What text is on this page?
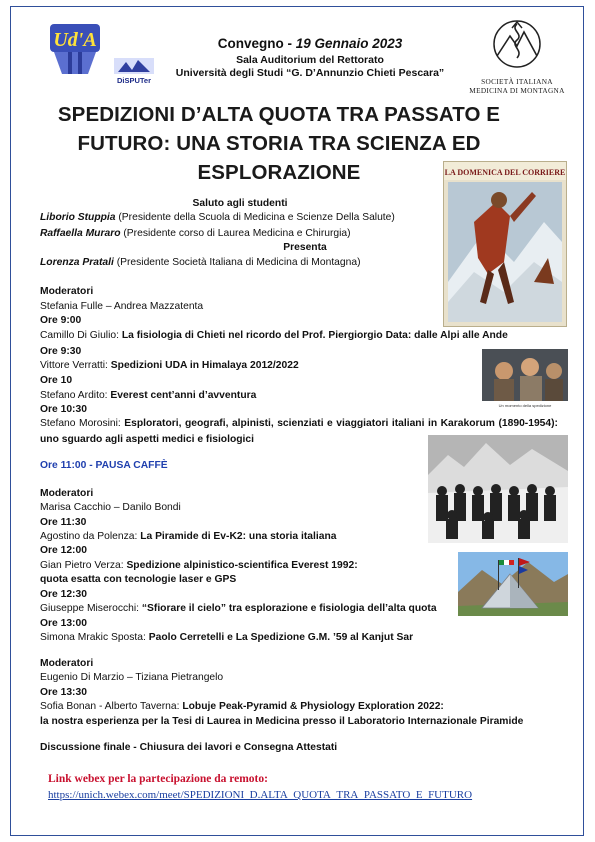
Ud'A
DiSPUTer	SOCIETÀ ITALIANA
MEDICINA DI MONTAGNA
Convegno - 19 Gennaio 2023
Sala Auditorium del Rettorato
Università degli Studi “G. D’Annunzio Chieti Pescara”
SPEDIZIONI D’ALTA QUOTA TRA PASSATO E
FUTURO: UNA STORIA TRA SCIENZA ED
ESPLORAZIONE	LA DOMENICA DEL CORRIERE
Saluto agli studenti
Liborio Stuppia (Presidente della Scuola di Medicina e Scienze Della Salute)
Raffaella Muraro (Presidente corso di Laurea Medicina e Chirurgia)
Presenta
Lorenza Pratali (Presidente Società Italiana di Medicina di Montagna)
Moderatori
Stefania Fulle – Andrea Mazzatenta
Ore 9:00
Camillo Di Giulio: La fisiologia di Chieti nel ricordo del Prof. Piergiorgio Data: dalle Alpi alle Ande
Ore 9:30
Vittore Verratti: Spedizioni UDA in Himalaya 2012/2022
Ore 10
Stefano Ardito: Everest cent’anni d’avventura
Ore 10:30
Stefano Morosini: Esploratori, geografi, alpinisti, scienziati e viaggiatori italiani in Karakorum (1890-1954): uno sguardo agli aspetti medici e fisiologici
Un momento della spedizione
Ore 11:00 - PAUSA CAFFÈ
Moderatori
Marisa Cacchio – Danilo Bondi
Ore 11:30
Agostino da Polenza: La Piramide di Ev-K2: una storia italiana
Ore 12:00
Gian Pietro Verza: Spedizione alpinistico-scientifica Everest 1992:
quota esatta con tecnologie laser e GPS
Ore 12:30
Giuseppe Miserocchi: “Sfiorare il cielo” tra esplorazione e fisiologia dell’alta quota
Ore 13:00
Simona Mrakic Sposta: Paolo Cerretelli e La Spedizione G.M. ’59 al Kanjut Sar
Moderatori
Eugenio Di Marzio – Tiziana Pietrangelo
Ore 13:30
Sofia Bonan - Alberto Taverna: Lobuje Peak-Pyramid & Physiology Exploration 2022:
la nostra esperienza per la Tesi di Laurea in Medicina presso il Laboratorio Internazionale Piramide
Discussione finale - Chiusura dei lavori e Consegna Attestati
Link webex per la partecipazione da remoto:
https://unich.webex.com/meet/SPEDIZIONI_D.ALTA_QUOTA_TRA_PASSATO_E_FUTURO
